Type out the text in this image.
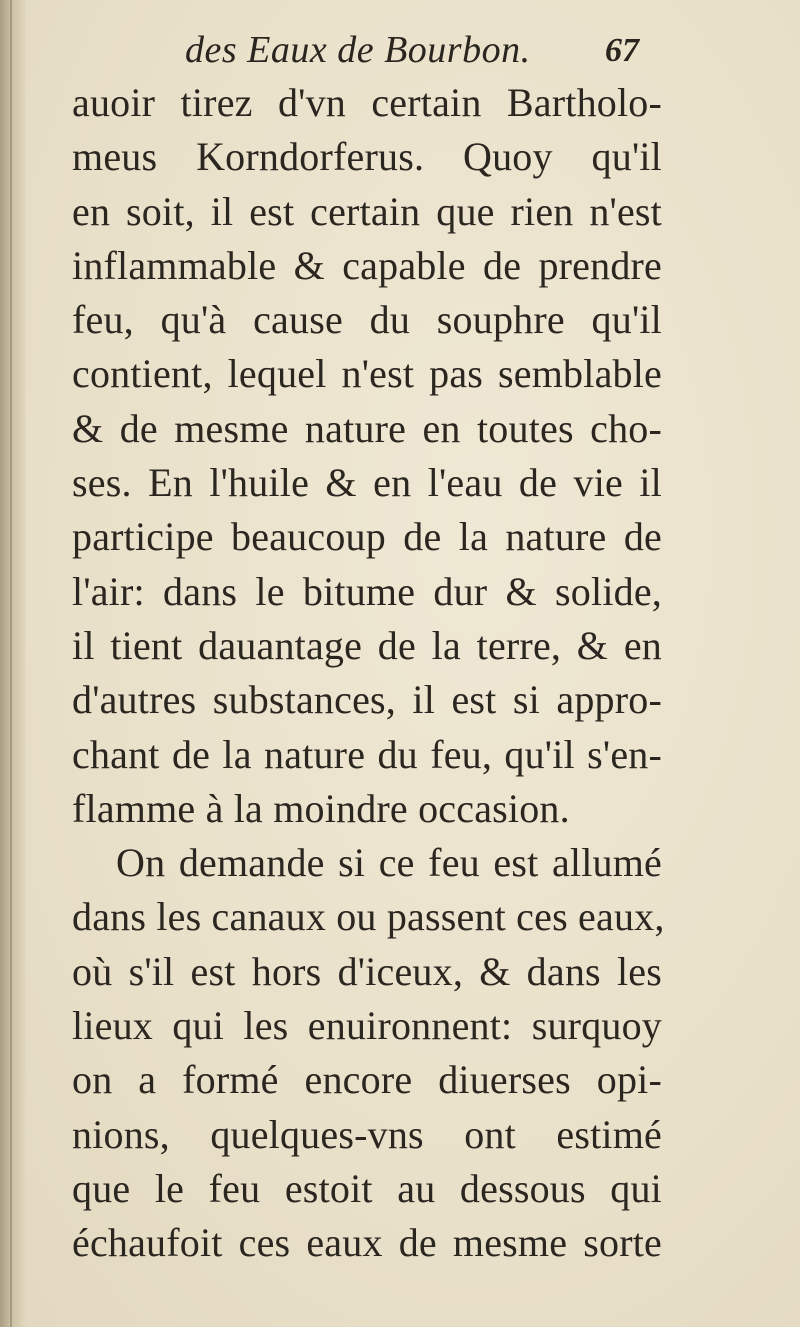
des Eaux de Bourbon. 67
auoir tirez d'vn certain Bartholo-
meus Korndorferus. Quoy qu'il
en soit, il est certain que rien n'est
inflammable & capable de prendre
feu, qu'à cause du souphre qu'il
contient, lequel n'est pas semblable
& de mesme nature en toutes cho-
ses. En l'huile & en l'eau de vie il
participe beaucoup de la nature de
l'air: dans le bitume dur & solide,
il tient dauantage de la terre, & en
d'autres substances, il est si appro-
chant de la nature du feu, qu'il s'en-
flamme à la moindre occasion.
On demande si ce feu est allumé
dans les canaux ou passent ces eaux,
où s'il est hors d'iceux, & dans les
lieux qui les enuironnent: surquoy
on a formé encore diuerses opi-
nions, quelques-vns ont estimé
que le feu estoit au dessous qui
échaufoit ces eaux de mesme sorte
